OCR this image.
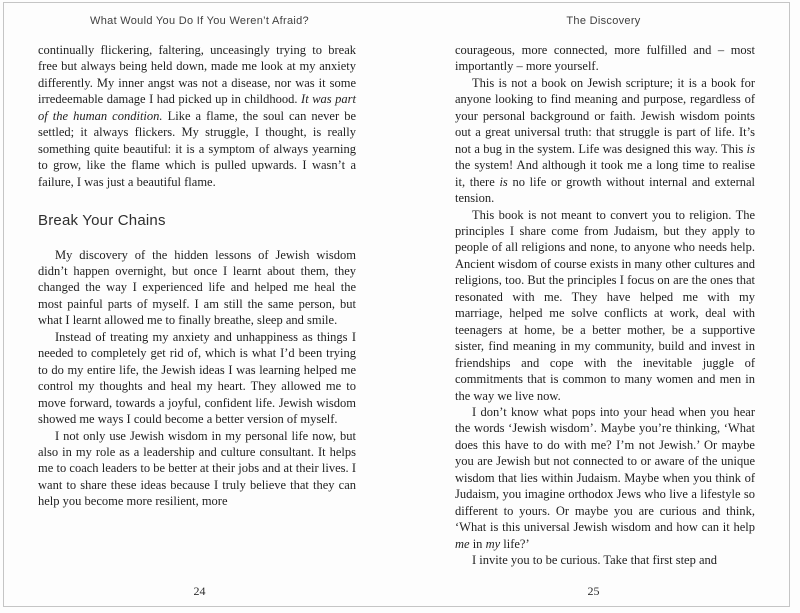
What Would You Do If You Weren’t Afraid?

continually flickering, faltering, unceasingly trying to break free but always being held down, made me look at my anxiety differently. My inner angst was not a disease, nor was it some irredeemable damage I had picked up in childhood. It was part of the human condition. Like a flame, the soul can never be settled; it always flickers. My struggle, I thought, is really something quite beautiful: it is a symptom of always yearning to grow, like the flame which is pulled upwards. I wasn’t a failure, I was just a beautiful flame.

Break Your Chains

My discovery of the hidden lessons of Jewish wisdom didn’t happen overnight, but once I learnt about them, they changed the way I experienced life and helped me heal the most painful parts of myself. I am still the same person, but what I learnt allowed me to finally breathe, sleep and smile.

Instead of treating my anxiety and unhappiness as things I needed to completely get rid of, which is what I’d been trying to do my entire life, the Jewish ideas I was learning helped me control my thoughts and heal my heart. They allowed me to move forward, towards a joyful, confident life. Jewish wisdom showed me ways I could become a better version of myself.

I not only use Jewish wisdom in my personal life now, but also in my role as a leadership and culture consultant. It helps me to coach leaders to be better at their jobs and at their lives. I want to share these ideas because I truly believe that they can help you become more resilient, more

24
The Discovery

courageous, more connected, more fulfilled and – most importantly – more yourself.

This is not a book on Jewish scripture; it is a book for anyone looking to find meaning and purpose, regardless of your personal background or faith. Jewish wisdom points out a great universal truth: that struggle is part of life. It’s not a bug in the system. Life was designed this way. This is the system! And although it took me a long time to realise it, there is no life or growth without internal and external tension.

This book is not meant to convert you to religion. The principles I share come from Judaism, but they apply to people of all religions and none, to anyone who needs help. Ancient wisdom of course exists in many other cultures and religions, too. But the principles I focus on are the ones that resonated with me. They have helped me with my marriage, helped me solve conflicts at work, deal with teenagers at home, be a better mother, be a supportive sister, find meaning in my community, build and invest in friendships and cope with the inevitable juggle of commitments that is common to many women and men in the way we live now.

I don’t know what pops into your head when you hear the words ‘Jewish wisdom’. Maybe you’re thinking, ‘What does this have to do with me? I’m not Jewish.’ Or maybe you are Jewish but not connected to or aware of the unique wisdom that lies within Judaism. Maybe when you think of Judaism, you imagine orthodox Jews who live a lifestyle so different to yours. Or maybe you are curious and think, ‘What is this universal Jewish wisdom and how can it help me in my life?’

I invite you to be curious. Take that first step and

25
